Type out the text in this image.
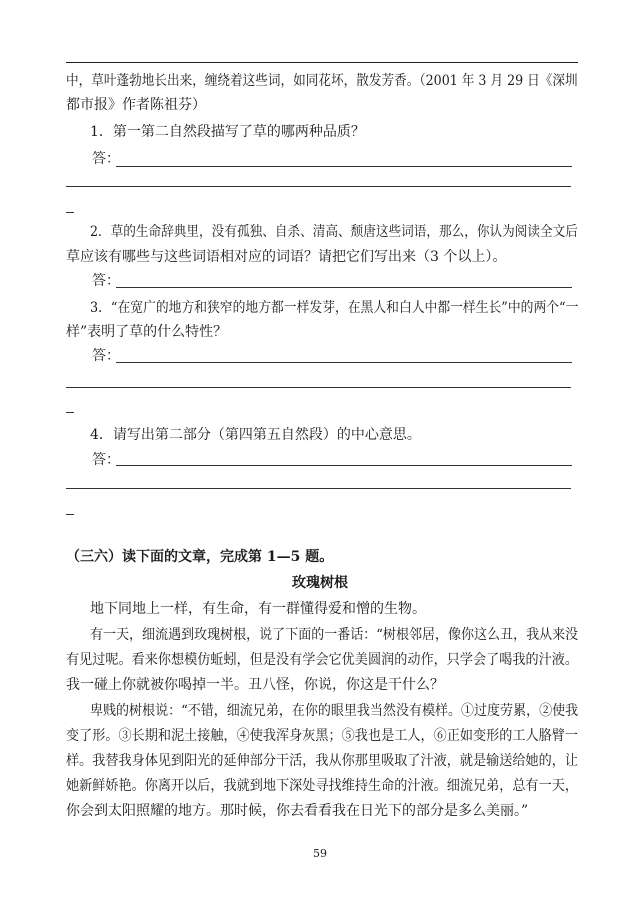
中，草叶蓬勃地长出来，缠绕着这些词，如同花坏，散发芳香。（2001 年 3 月 29 日《深圳
都市报》作者陈祖芬）
1．第一第二自然段描写了草的哪两种品质？
答：
2．草的生命辞典里，没有孤独、自杀、清高、颓唐这些词语，那么，你认为阅读全文后
草应该有哪些与这些词语相对应的词语？请把它们写出来（3 个以上）。
答：
3．“在宽广的地方和狭窄的地方都一样发芽，在黑人和白人中都一样生长”中的两个“一
样”表明了草的什么特性？
答：
4．请写出第二部分（第四第五自然段）的中心意思。
答：
（三六）读下面的文章，完成第 1—5 题。
玫瑰树根
地下同地上一样，有生命，有一群懂得爱和憎的生物。
有一天，细流遇到玫瑰树根，说了下面的一番话：“树根邻居，像你这么丑，我从来没
有见过呢。看来你想模仿蚯蚓，但是没有学会它优美圆润的动作，只学会了喝我的汁液。
我一碰上你就被你喝掉一半。丑八怪，你说，你这是干什么？
卑贱的树根说：“不错，细流兄弟，在你的眼里我当然没有模样。①过度劳累，②使我
变了形。③长期和泥土接触，④使我浑身灰黑；⑤我也是工人，⑥正如变形的工人胳臂一
样。我替我身体见到阳光的延伸部分干活，我从你那里吸取了汁液，就是输送给她的，让
她新鲜娇艳。你离开以后，我就到地下深处寻找维持生命的汁液。细流兄弟，总有一天，
你会到太阳照耀的地方。那时候，你去看看我在日光下的部分是多么美丽。”
59
